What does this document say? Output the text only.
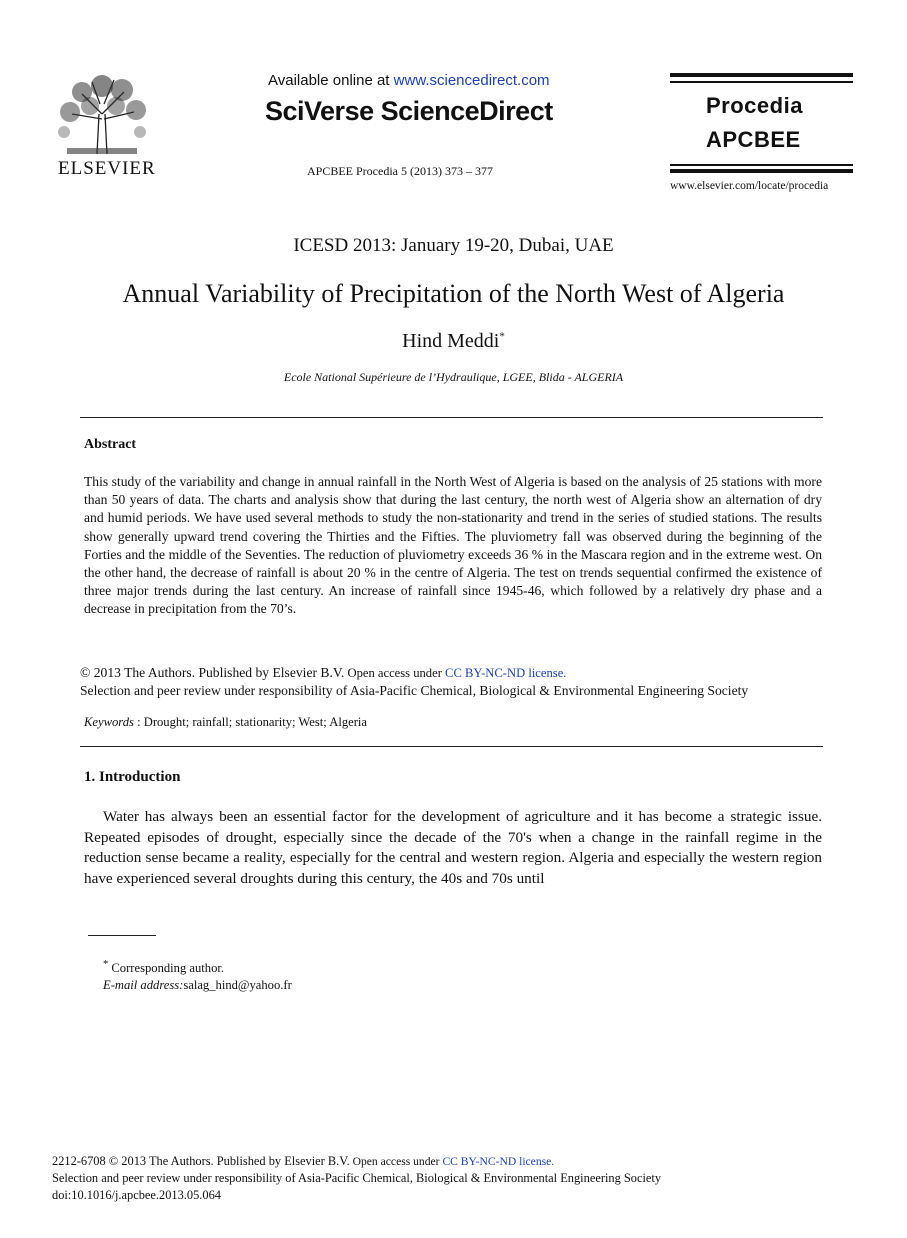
ELSEVIER
Available online at www.sciencedirect.com
SciVerse ScienceDirect
APCBEE Procedia 5 (2013) 373 – 377
Procedia
APCBEE
www.elsevier.com/locate/procedia
ICESD 2013: January 19-20, Dubai, UAE
Annual Variability of Precipitation of the North West of Algeria
Hind Meddi*
Ecole National Supérieure de l’Hydraulique, LGEE, Blida - ALGERIA
Abstract
This study of the variability and change in annual rainfall in the North West of Algeria is based on the analysis of 25 stations with more than 50 years of data. The charts and analysis show that during the last century, the north west of Algeria show an alternation of dry and humid periods. We have used several methods to study the non-stationarity and trend in the series of studied stations. The results show generally upward trend covering the Thirties and the Fifties. The pluviometry fall was observed during the beginning of the Forties and the middle of the Seventies. The reduction of pluviometry exceeds 36 % in the Mascara region and in the extreme west. On the other hand, the decrease of rainfall is about 20 % in the centre of Algeria. The test on trends sequential confirmed the existence of three major trends during the last century. An increase of rainfall since 1945-46, which followed by a relatively dry phase and a decrease in precipitation from the 70’s.
© 2013 The Authors. Published by Elsevier B.V. Open access under CC BY-NC-ND license.
Selection and peer review under responsibility of Asia-Pacific Chemical, Biological & Environmental Engineering Society
Keywords : Drought; rainfall; stationarity; West; Algeria
1. Introduction
Water has always been an essential factor for the development of agriculture and it has become a strategic issue. Repeated episodes of drought, especially since the decade of the 70's when a change in the rainfall regime in the reduction sense became a reality, especially for the central and western region. Algeria and especially the western region have experienced several droughts during this century, the 40s and 70s until
* Corresponding author.
E-mail address:salag_hind@yahoo.fr
2212-6708 © 2013 The Authors. Published by Elsevier B.V. Open access under CC BY-NC-ND license.
Selection and peer review under responsibility of Asia-Pacific Chemical, Biological & Environmental Engineering Society
doi:10.1016/j.apcbee.2013.05.064
